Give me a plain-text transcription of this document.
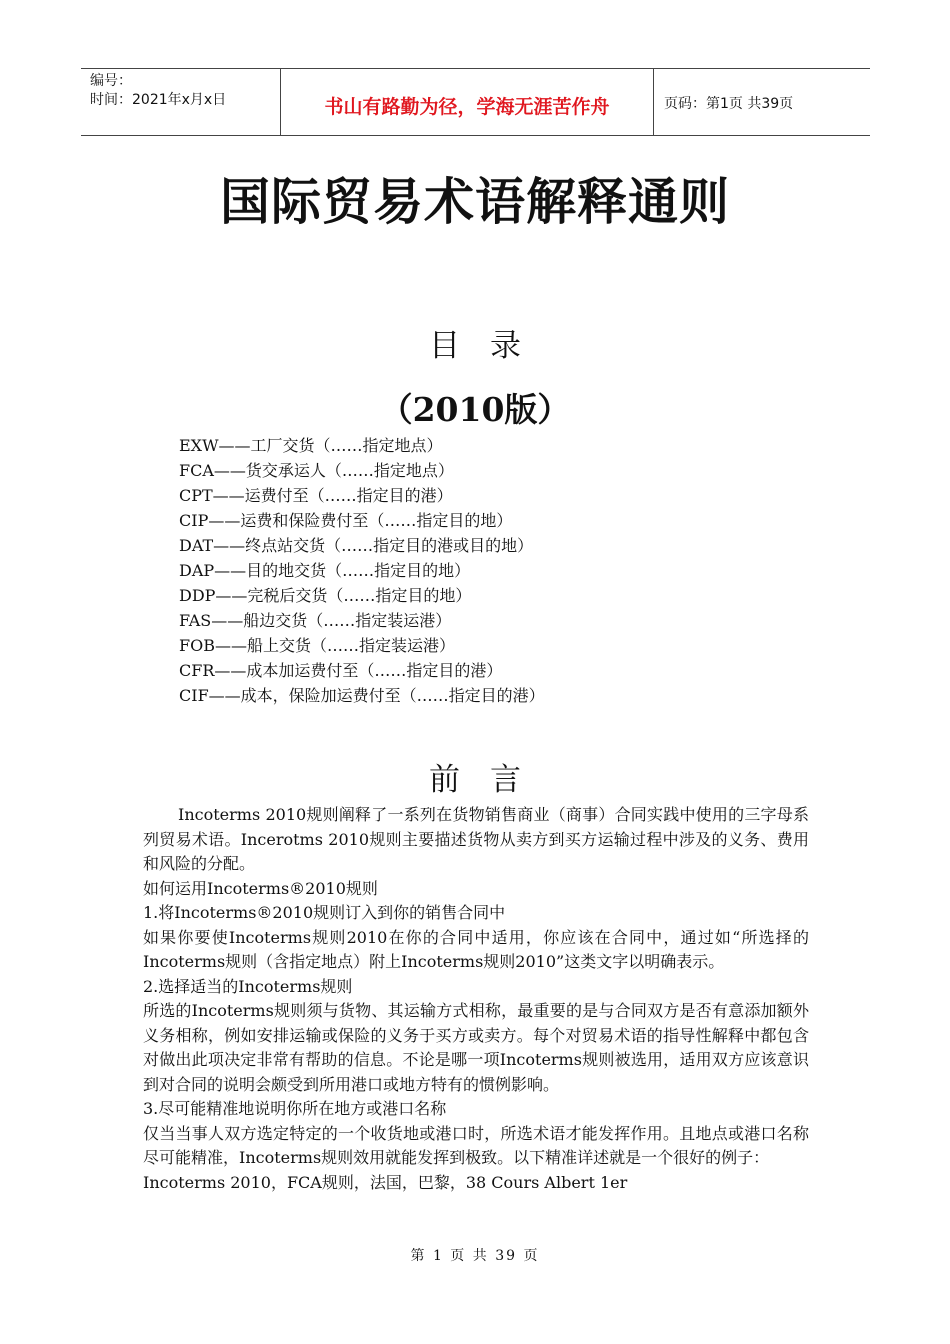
编号：
时间：2021年x月x日	书山有路勤为径，学海无涯苦作舟	页码：第1页 共39页
国际贸易术语解释通则
目录
（2010版）
EXW——工厂交货（……指定地点）
FCA——货交承运人（……指定地点）
CPT——运费付至（……指定目的港）
CIP——运费和保险费付至（……指定目的地）
DAT——终点站交货（……指定目的港或目的地）
DAP——目的地交货（……指定目的地）
DDP——完税后交货（……指定目的地）
FAS——船边交货（……指定装运港）
FOB——船上交货（……指定装运港）
CFR——成本加运费付至（……指定目的港）
CIF——成本，保险加运费付至（……指定目的港）
前言

Incoterms 2010规则阐释了一系列在货物销售商业（商事）合同实践中使用的三字母系列贸易术语。Incerotms 2010规则主要描述货物从卖方到买方运输过程中涉及的义务、费用和风险的分配。

如何运用Incoterms®2010规则

1.将Incoterms®2010规则订入到你的销售合同中

如果你要使Incoterms规则2010在你的合同中适用，你应该在合同中，通过如“所选择的Incoterms规则（含指定地点）附上Incoterms规则2010”这类文字以明确表示。

2.选择适当的Incoterms规则

所选的Incoterms规则须与货物、其运输方式相称，最重要的是与合同双方是否有意添加额外义务相称，例如安排运输或保险的义务于买方或卖方。每个对贸易术语的指导性解释中都包含对做出此项决定非常有帮助的信息。不论是哪一项Incoterms规则被选用，适用双方应该意识到对合同的说明会颇受到所用港口或地方特有的惯例影响。

3.尽可能精准地说明你所在地方或港口名称

仅当当事人双方选定特定的一个收货地或港口时，所选术语才能发挥作用。且地点或港口名称尽可能精准，Incoterms规则效用就能发挥到极致。以下精准详述就是一个很好的例子：

Incoterms 2010，FCA规则，法国，巴黎，38 Cours Albert 1er

第 1 页 共 39 页
